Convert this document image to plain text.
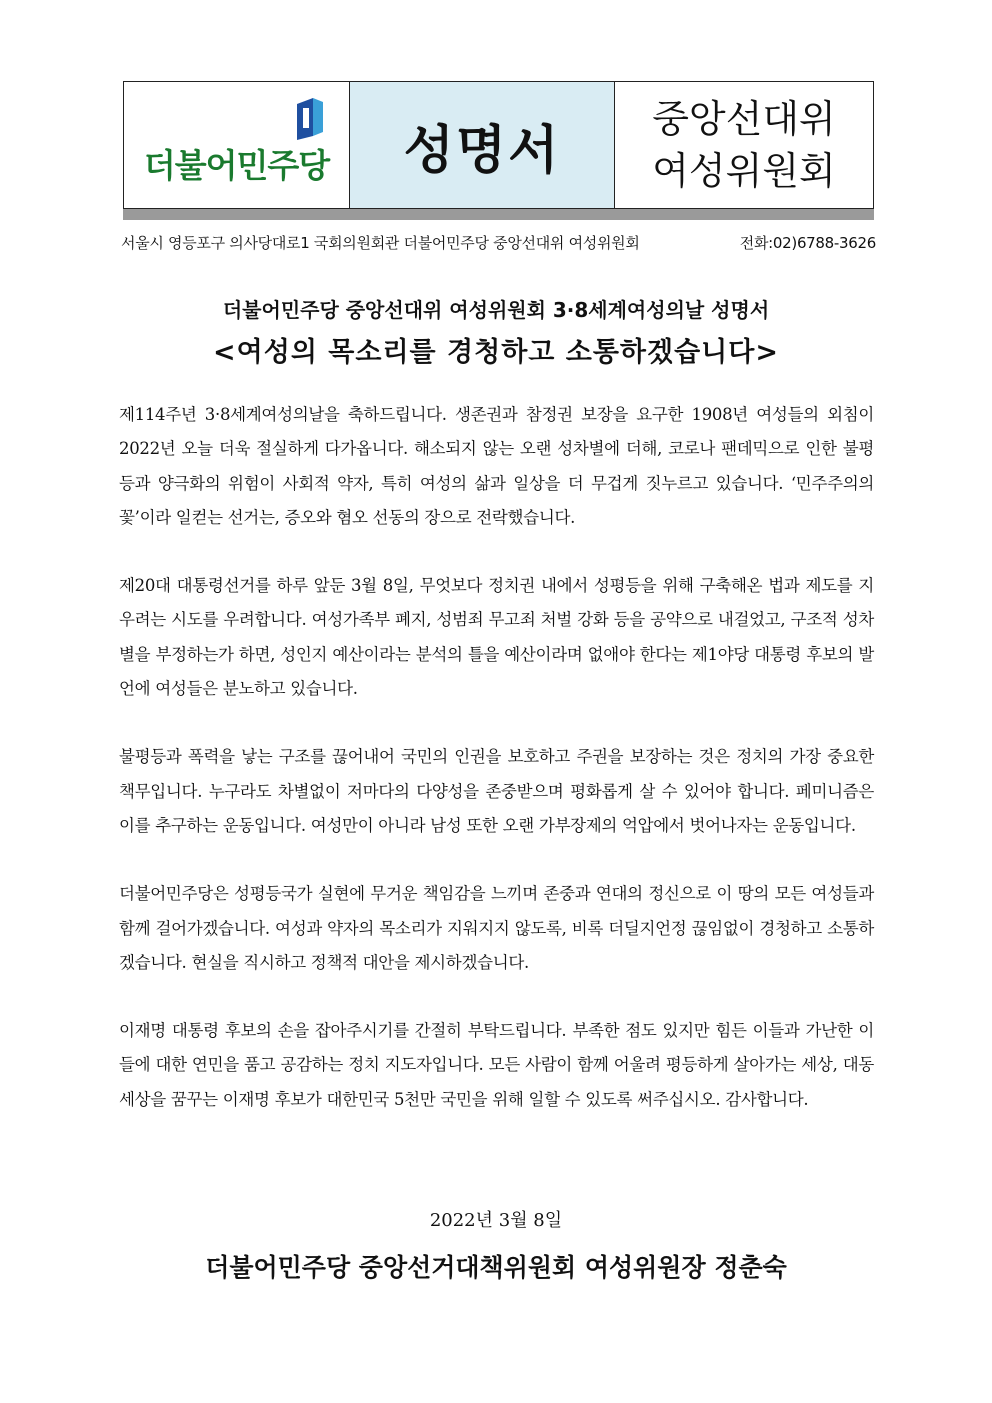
더불어민주당 성명서
중앙선대위
여성위원회
서울시 영등포구 의사당대로1 국회의원회관 더불어민주당 중앙선대위 여성위원회	전화:02)6788-3626
더불어민주당 중앙선대위 여성위원회 3·8세계여성의날 성명서
<여성의 목소리를 경청하고 소통하겠습니다>

제114주년 3·8세계여성의날을 축하드립니다. 생존권과 참정권 보장을 요구한 1908년 여성들의 외침이 2022년 오늘 더욱 절실하게 다가옵니다. 해소되지 않는 오랜 성차별에 더해, 코로나 팬데믹으로 인한 불평등과 양극화의 위험이 사회적 약자, 특히 여성의 삶과 일상을 더 무겁게 짓누르고 있습니다. ‘민주주의의 꽃’이라 일컫는 선거는, 증오와 혐오 선동의 장으로 전락했습니다.

제20대 대통령선거를 하루 앞둔 3월 8일, 무엇보다 정치권 내에서 성평등을 위해 구축해온 법과 제도를 지우려는 시도를 우려합니다. 여성가족부 폐지, 성범죄 무고죄 처벌 강화 등을 공약으로 내걸었고, 구조적 성차별을 부정하는가 하면, 성인지 예산이라는 분석의 틀을 예산이라며 없애야 한다는 제1야당 대통령 후보의 발언에 여성들은 분노하고 있습니다.

불평등과 폭력을 낳는 구조를 끊어내어 국민의 인권을 보호하고 주권을 보장하는 것은 정치의 가장 중요한 책무입니다. 누구라도 차별없이 저마다의 다양성을 존중받으며 평화롭게 살 수 있어야 합니다. 페미니즘은 이를 추구하는 운동입니다. 여성만이 아니라 남성 또한 오랜 가부장제의 억압에서 벗어나자는 운동입니다.

더불어민주당은 성평등국가 실현에 무거운 책임감을 느끼며 존중과 연대의 정신으로 이 땅의 모든 여성들과 함께 걸어가겠습니다. 여성과 약자의 목소리가 지워지지 않도록, 비록 더딜지언정 끊임없이 경청하고 소통하겠습니다. 현실을 직시하고 정책적 대안을 제시하겠습니다.

이재명 대통령 후보의 손을 잡아주시기를 간절히 부탁드립니다. 부족한 점도 있지만 힘든 이들과 가난한 이들에 대한 연민을 품고 공감하는 정치 지도자입니다. 모든 사람이 함께 어울려 평등하게 살아가는 세상, 대동세상을 꿈꾸는 이재명 후보가 대한민국 5천만 국민을 위해 일할 수 있도록 써주십시오. 감사합니다.

2022년 3월 8일
더불어민주당 중앙선거대책위원회 여성위원장 정춘숙
